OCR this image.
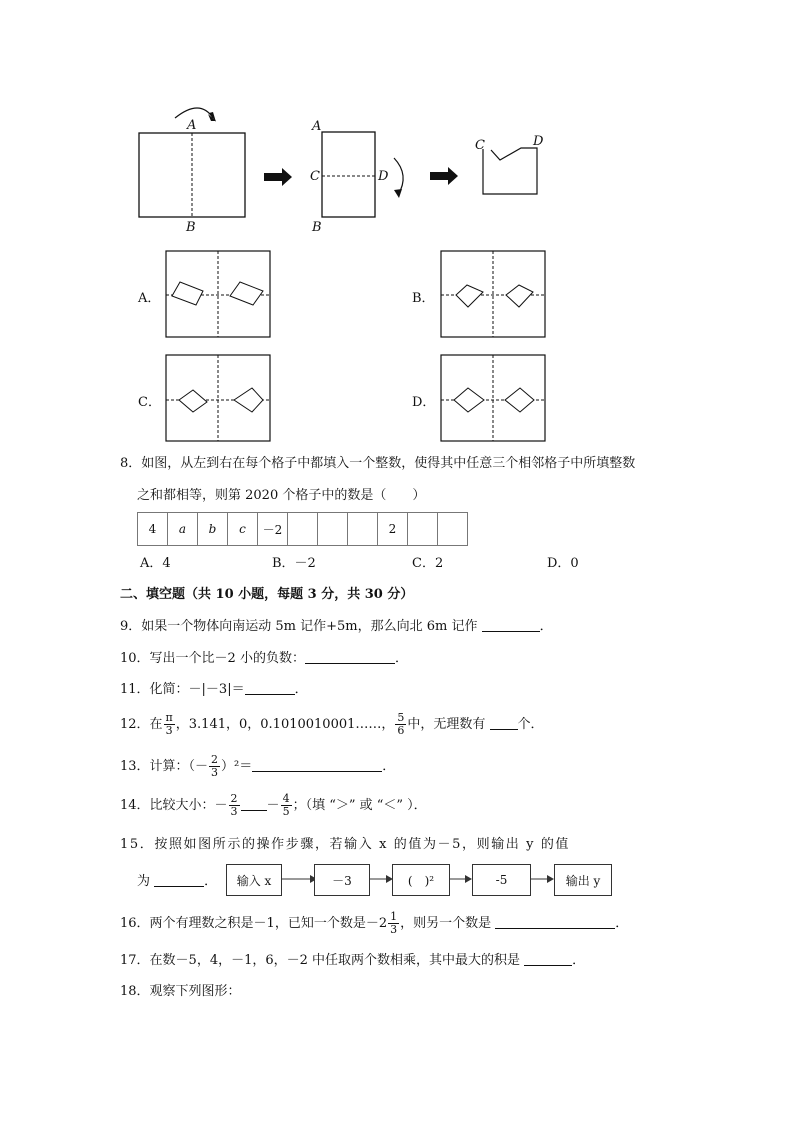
A
B
A
C	D
B
C	D
A．	B．
C．	D．
8．如图，从左到右在每个格子中都填入一个整数，使得其中任意三个相邻格子中所填整数
之和都相等，则第 2020 个格子中的数是（　　）
4	a	b	c	－2				2		
A．4	B．－2	C．2	D．0
二、填空题（共 10 小题，每题 3 分，共 30 分）
9．如果一个物体向南运动 5m 记作+5m，那么向北 6m 记作	．
10．写出一个比－2 小的负数：	．
11．化简：－|－3|＝	．
12．在 $\frac{\pi}{3}$ ，3.141，0，0.1010010001……， $\frac{5}{6}$ 中，无理数有 个．
13．计算：（－ $\frac{2}{3} )^2=$	．
14．比较大小：－ $\frac{2}{3} - \frac{4}{5}$ ；（填 “＞” 或 “＜” ）．
15．按照如图所示的操作步骤，若输入 x 的值为－5，则输出 y 的值
为	．	输入 x	－3	(　)²	-5	输出 y
16．两个有理数之积是－1，已知一个数是$-2 \frac{1}{3}$ ，则另一个数是	．
17．在数－5，4，－1，6，－2 中任取两个数相乘，其中最大的积是	．
18．观察下列图形：
